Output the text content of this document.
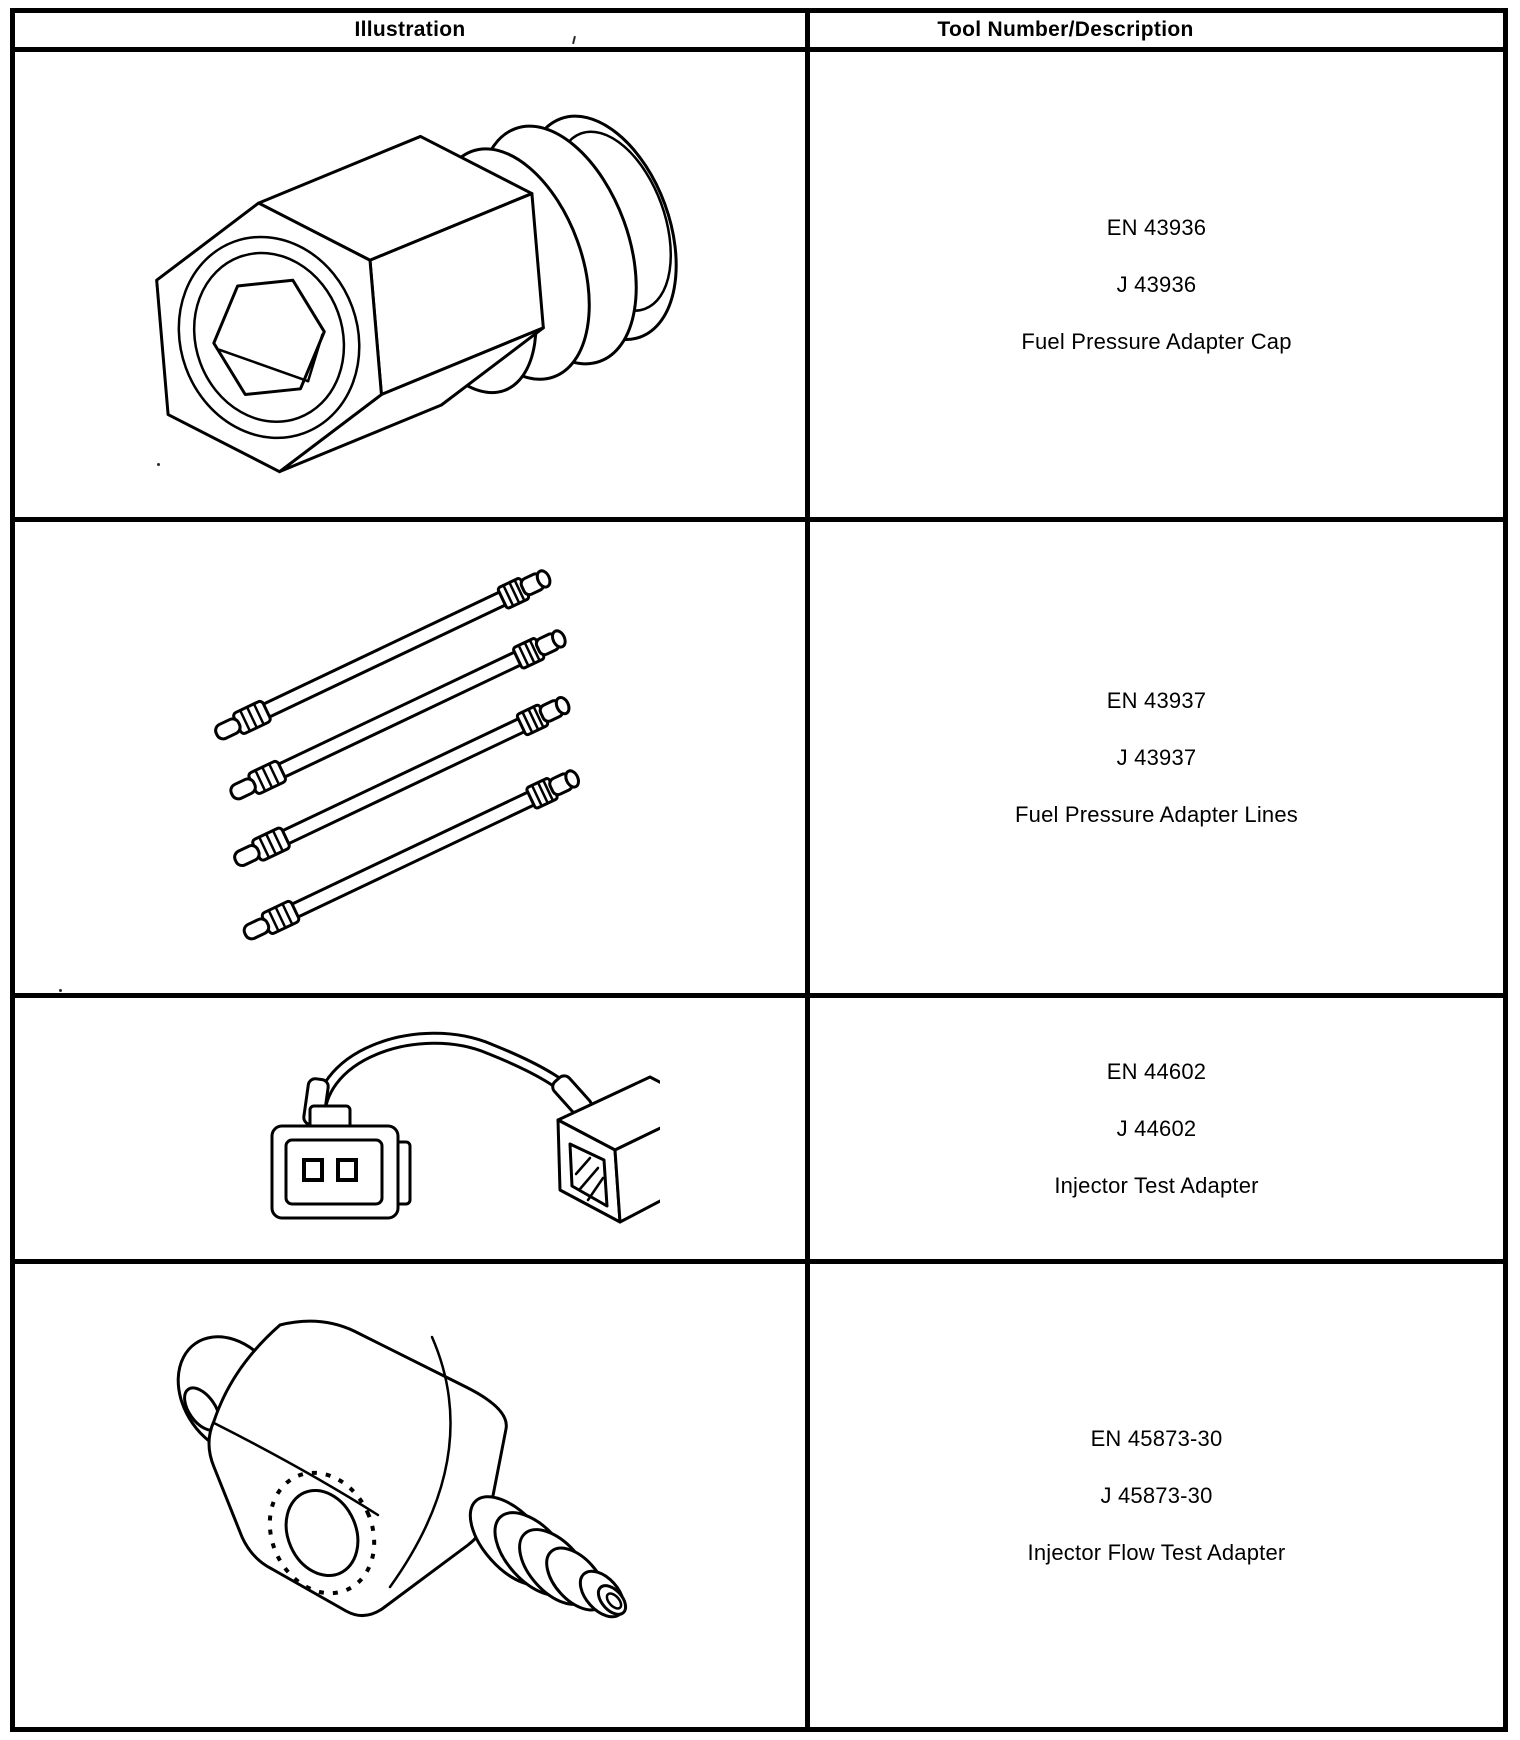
Illustration	Tool Number/Description
EN 43936
J 43936
Fuel Pressure Adapter Cap
EN 43937
J 43937
Fuel Pressure Adapter Lines
EN 44602
J 44602
Injector Test Adapter
EN 45873-30
J 45873-30
Injector Flow Test Adapter
